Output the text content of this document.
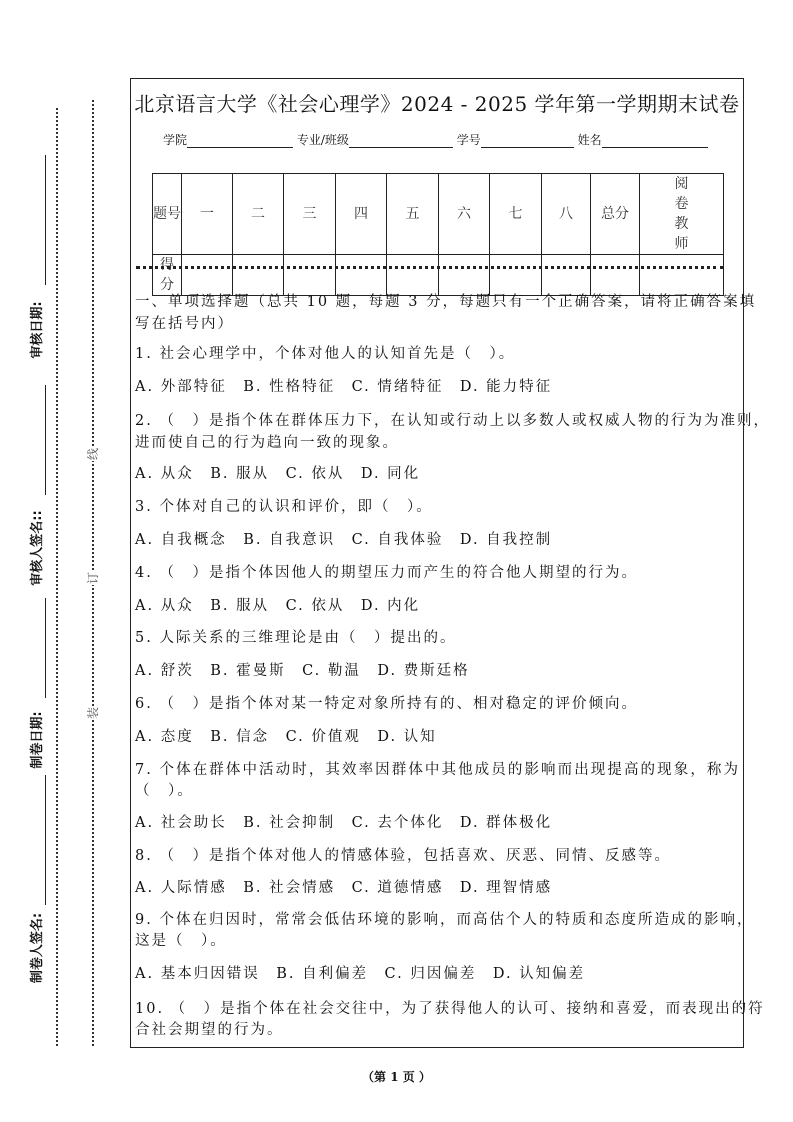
线
订
装
审核日期:
审核人签名::
制卷日期:
制卷人签名:
北京语言大学《社会心理学》2024 - 2025 学年第一学期期末试卷
学院	专业/班级	学号	姓名
题号	一	二	三	四	五	六	七	八	总分	阅卷教师
得分										
一、单项选择题（总共 10 题，每题 3 分，每题只有一个正确答案，请将正确答案填
写在括号内）
1. 社会心理学中，个体对他人的认知首先是（　）。
A. 外部特征　B. 性格特征　C. 情绪特征　D. 能力特征
2. （　）是指个体在群体压力下，在认知或行动上以多数人或权威人物的行为为准则，
进而使自己的行为趋向一致的现象。
A. 从众　B. 服从　C. 依从　D. 同化
3. 个体对自己的认识和评价，即（　）。
A. 自我概念　B. 自我意识　C. 自我体验　D. 自我控制
4. （　）是指个体因他人的期望压力而产生的符合他人期望的行为。
A. 从众　B. 服从　C. 依从　D. 内化
5. 人际关系的三维理论是由（　）提出的。
A. 舒茨　B. 霍曼斯　C. 勒温　D. 费斯廷格
6. （　）是指个体对某一特定对象所持有的、相对稳定的评价倾向。
A. 态度　B. 信念　C. 价值观　D. 认知
7. 个体在群体中活动时，其效率因群体中其他成员的影响而出现提高的现象，称为
（　）。
A. 社会助长　B. 社会抑制　C. 去个体化　D. 群体极化
8. （　）是指个体对他人的情感体验，包括喜欢、厌恶、同情、反感等。
A. 人际情感　B. 社会情感　C. 道德情感　D. 理智情感
9. 个体在归因时，常常会低估环境的影响，而高估个人的特质和态度所造成的影响，
这是（　）。
A. 基本归因错误　B. 自利偏差　C. 归因偏差　D. 认知偏差
10. （　）是指个体在社会交往中，为了获得他人的认可、接纳和喜爱，而表现出的符
合社会期望的行为。
（第 1 页 ）
